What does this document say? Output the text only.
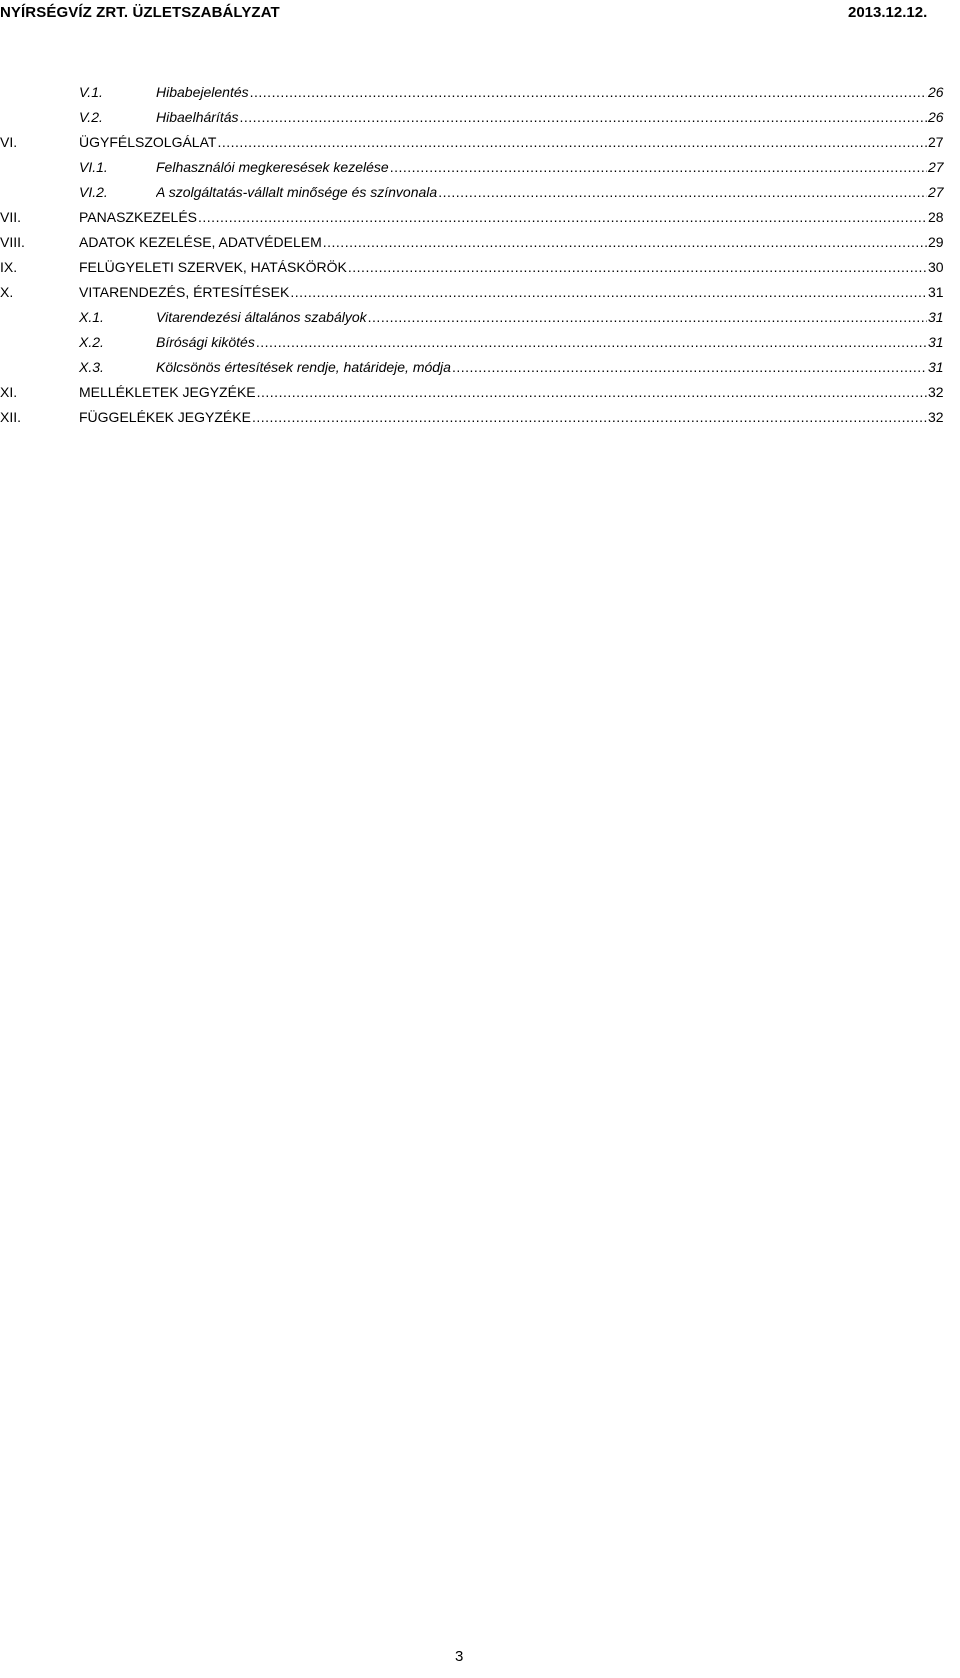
NYÍRSÉGVÍZ ZRT. ÜZLETSZABÁLYZAT	2013.12.12.
V.1.	Hibabejelentés .....	26
V.2.	Hibaelhárítás .....	26
VI.	ÜGYFÉLSZOLGÁLAT .....	27
VI.1.	Felhasználói megkeresések kezelése .....	27
VI.2.	A szolgáltatás-vállalt minősége és színvonala .....	27
VII.	PANASZKEZELÉS .....	28
VIII.	ADATOK KEZELÉSE, ADATVÉDELEM .....	29
IX.	FELÜGYELETI SZERVEK, HATÁSKÖRÖK .....	30
X.	VITARENDEZÉS, ÉRTESÍTÉSEK .....	31
X.1.	Vitarendezési általános szabályok .....	31
X.2.	Bírósági kikötés .....	31
X.3.	Kölcsönös értesítések rendje, határideje, módja .....	31
XI.	MELLÉKLETEK JEGYZÉKE .....	32
XII.	FÜGGELÉKEK JEGYZÉKE .....	32
3
